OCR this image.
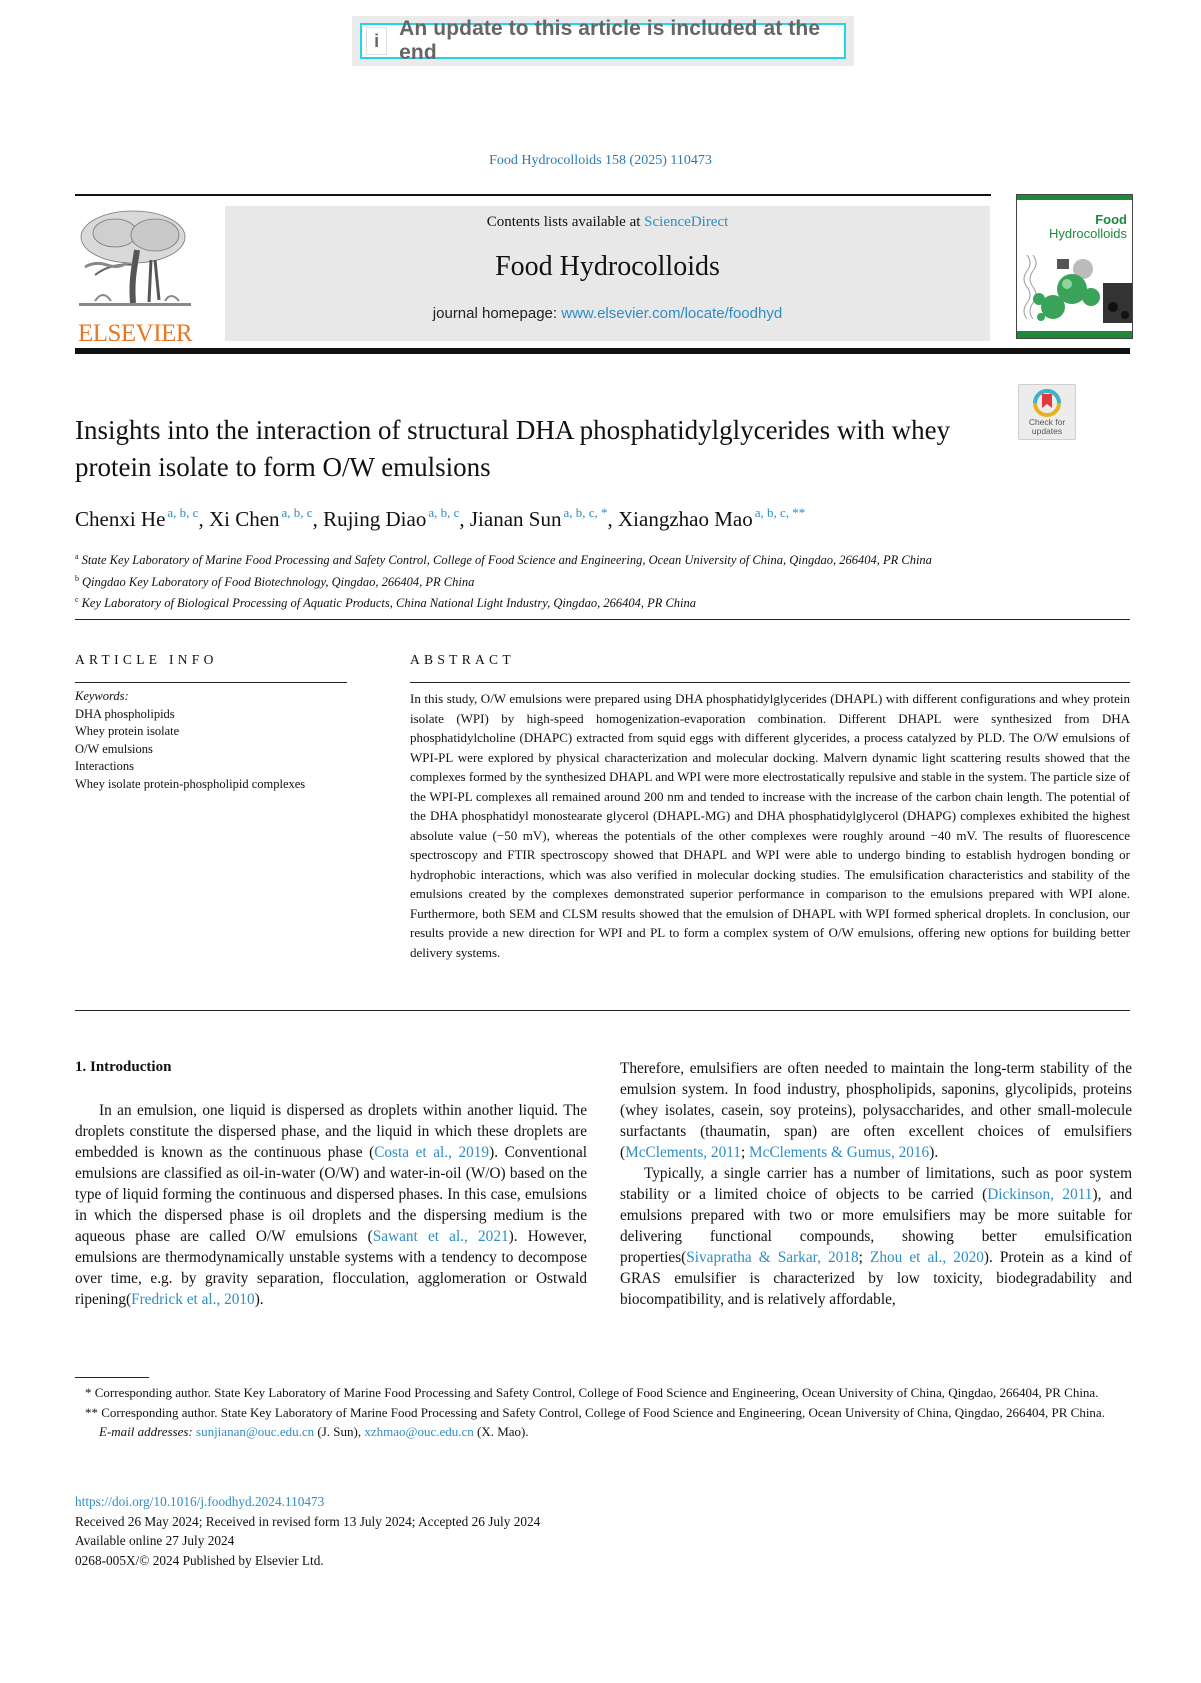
i
An update to this article is included at the end
Food Hydrocolloids 158 (2025) 110473
ELSEVIER
Contents lists available at ScienceDirect
Food Hydrocolloids
journal homepage: www.elsevier.com/locate/foodhyd
Food
Hydrocolloids
Check for
updates
Insights into the interaction of structural DHA phosphatidylglycerides with whey protein isolate to form O/W emulsions
Chenxi He $^{a, b, c}$, Xi Chen $^{a, b, c}$, Rujing Diao $^{a, b, c}$, Jianan Sun $^{a, b, c, *}$, Xiangzhao Mao $^{a, b, c, **}$
$^a$ State Key Laboratory of Marine Food Processing and Safety Control, College of Food Science and Engineering, Ocean University of China, Qingdao, 266404, PR China
$^b$ Qingdao Key Laboratory of Food Biotechnology, Qingdao, 266404, PR China
$^c$ Key Laboratory of Biological Processing of Aquatic Products, China National Light Industry, Qingdao, 266404, PR China
ARTICLE INFO
Keywords:
DHA phospholipids
Whey protein isolate
O/W emulsions
Interactions
Whey isolate protein-phospholipid complexes
ABSTRACT
In this study, O/W emulsions were prepared using DHA phosphatidylglycerides (DHAPL) with different configurations and whey protein isolate (WPI) by high-speed homogenization-evaporation combination. Different DHAPL were synthesized from DHA phosphatidylcholine (DHAPC) extracted from squid eggs with different glycerides, a process catalyzed by PLD. The O/W emulsions of WPI-PL were explored by physical characterization and molecular docking. Malvern dynamic light scattering results showed that the complexes formed by the synthesized DHAPL and WPI were more electrostatically repulsive and stable in the system. The particle size of the WPI-PL complexes all remained around 200 nm and tended to increase with the increase of the carbon chain length. The potential of the DHA phosphatidyl monostearate glycerol (DHAPL-MG) and DHA phosphatidylglycerol (DHAPG) complexes exhibited the highest absolute value (−50 mV), whereas the potentials of the other complexes were roughly around −40 mV. The results of fluorescence spectroscopy and FTIR spectroscopy showed that DHAPL and WPI were able to undergo binding to establish hydrogen bonding or hydrophobic interactions, which was also verified in molecular docking studies. The emulsification characteristics and stability of the emulsions created by the complexes demonstrated superior performance in comparison to the emulsions prepared with WPI alone. Furthermore, both SEM and CLSM results showed that the emulsion of DHAPL with WPI formed spherical droplets. In conclusion, our results provide a new direction for WPI and PL to form a complex system of O/W emulsions, offering new options for building better delivery systems.
1. Introduction

In an emulsion, one liquid is dispersed as droplets within another liquid. The droplets constitute the dispersed phase, and the liquid in which these droplets are embedded is known as the continuous phase (Costa et al., 2019). Conventional emulsions are classified as oil-in-water (O/W) and water-in-oil (W/O) based on the type of liquid forming the continuous and dispersed phases. In this case, emulsions in which the dispersed phase is oil droplets and the dispersing medium is the aqueous phase are called O/W emulsions (Sawant et al., 2021). However, emulsions are thermodynamically unstable systems with a tendency to decompose over time, e.g. by gravity separation, flocculation, agglomeration or Ostwald ripening(Fredrick et al., 2010).

Therefore, emulsifiers are often needed to maintain the long-term stability of the emulsion system. In food industry, phospholipids, saponins, glycolipids, proteins (whey isolates, casein, soy proteins), polysaccharides, and other small-molecule surfactants (thaumatin, span) are often excellent choices of emulsifiers (McClements, 2011; McClements & Gumus, 2016).

Typically, a single carrier has a number of limitations, such as poor system stability or a limited choice of objects to be carried (Dickinson, 2011), and emulsions prepared with two or more emulsifiers may be more suitable for delivering functional compounds, showing better emulsification properties(Sivapratha & Sarkar, 2018; Zhou et al., 2020). Protein as a kind of GRAS emulsifier is characterized by low toxicity, biodegradability and biocompatibility, and is relatively affordable,

* Corresponding author. State Key Laboratory of Marine Food Processing and Safety Control, College of Food Science and Engineering, Ocean University of China, Qingdao, 266404, PR China.
** Corresponding author. State Key Laboratory of Marine Food Processing and Safety Control, College of Food Science and Engineering, Ocean University of China, Qingdao, 266404, PR China.
E-mail addresses: sunjianan@ouc.edu.cn (J. Sun), xzhmao@ouc.edu.cn (X. Mao).
https://doi.org/10.1016/j.foodhyd.2024.110473
Received 26 May 2024; Received in revised form 13 July 2024; Accepted 26 July 2024
Available online 27 July 2024
0268-005X/© 2024 Published by Elsevier Ltd.
